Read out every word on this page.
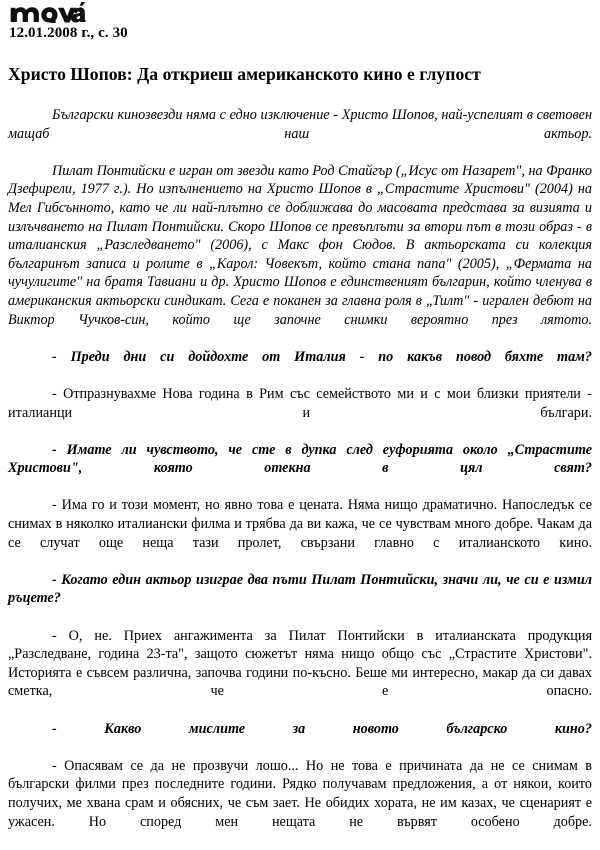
12.01.2008 г., с. 30
Христо Шопов: Да откриеш американското кино е глупост

Български кинозвезди няма с едно изключение - Христо Шопов, най-успелият в световен мащаб наш актьор.

Пилат Понтийски е игран от звезди като Род Стайгър („Исус от Назарет", на Франко Дзефирели, 1977 г.). Но изпълнението на Христо Шопов в „Страстите Христови" (2004) на Мел Гибсънното, като че ли най-плътно се доближава до масовата представа за визията и излъчването на Пилат Понтийски. Скоро Шопов се превъплъти за втори път в този образ - в италианския „Разследването" (2006), с Макс фон Сюдов. В актьорската си колекция българинът записа и ролите в „Карол: Човекът, който стана папа" (2005), „Фермата на чучулигите" на братя Тавиани и др. Христо Шопов е единственият българин, който членува в американския актьорски синдикат. Сега е поканен за главна роля в „Тилт" - игрален дебют на Виктор Чучков-син, който ще започне снимки вероятно през лятото.

- Преди дни си дойдохте от Италия - по какъв повод бяхте там?

- Отпразнувахме Нова година в Рим със семейството ми и с мои близки приятели - италианци и българи.

- Имате ли чувството, че сте в дупка след еуфорията около „Страстите Христови", която отекна в цял свят?

- Има го и този момент, но явно това е цената. Няма нищо драматично. Напоследък се снимах в няколко италиански филма и трябва да ви кажа, че се чувствам много добре. Чакам да се случат още неща тази пролет, свързани главно с италианското кино.

- Когато един актьор изиграе два пъти Пилат Понтийски, значи ли, че си е измил ръцете?

- О, не. Приех ангажимента за Пилат Понтийски в италианската продукция „Разследване, година 23-та", защото сюжетът няма нищо общо със „Страстите Христови". Историята е съвсем различна, започва години по-късно. Беше ми интересно, макар да си давах сметка, че е опасно.

- Какво мислите за новото българско кино?

- Опасявам се да не прозвучи лошо... Но не това е причината да не се снимам в български филми през последните години. Рядко получавам предложения, а от някои, които получих, ме хвана срам и обясних, че съм зает. Не обидих хората, не им казах, че сценарият е ужасен. Но според мен нещата не вървят особено добре.
